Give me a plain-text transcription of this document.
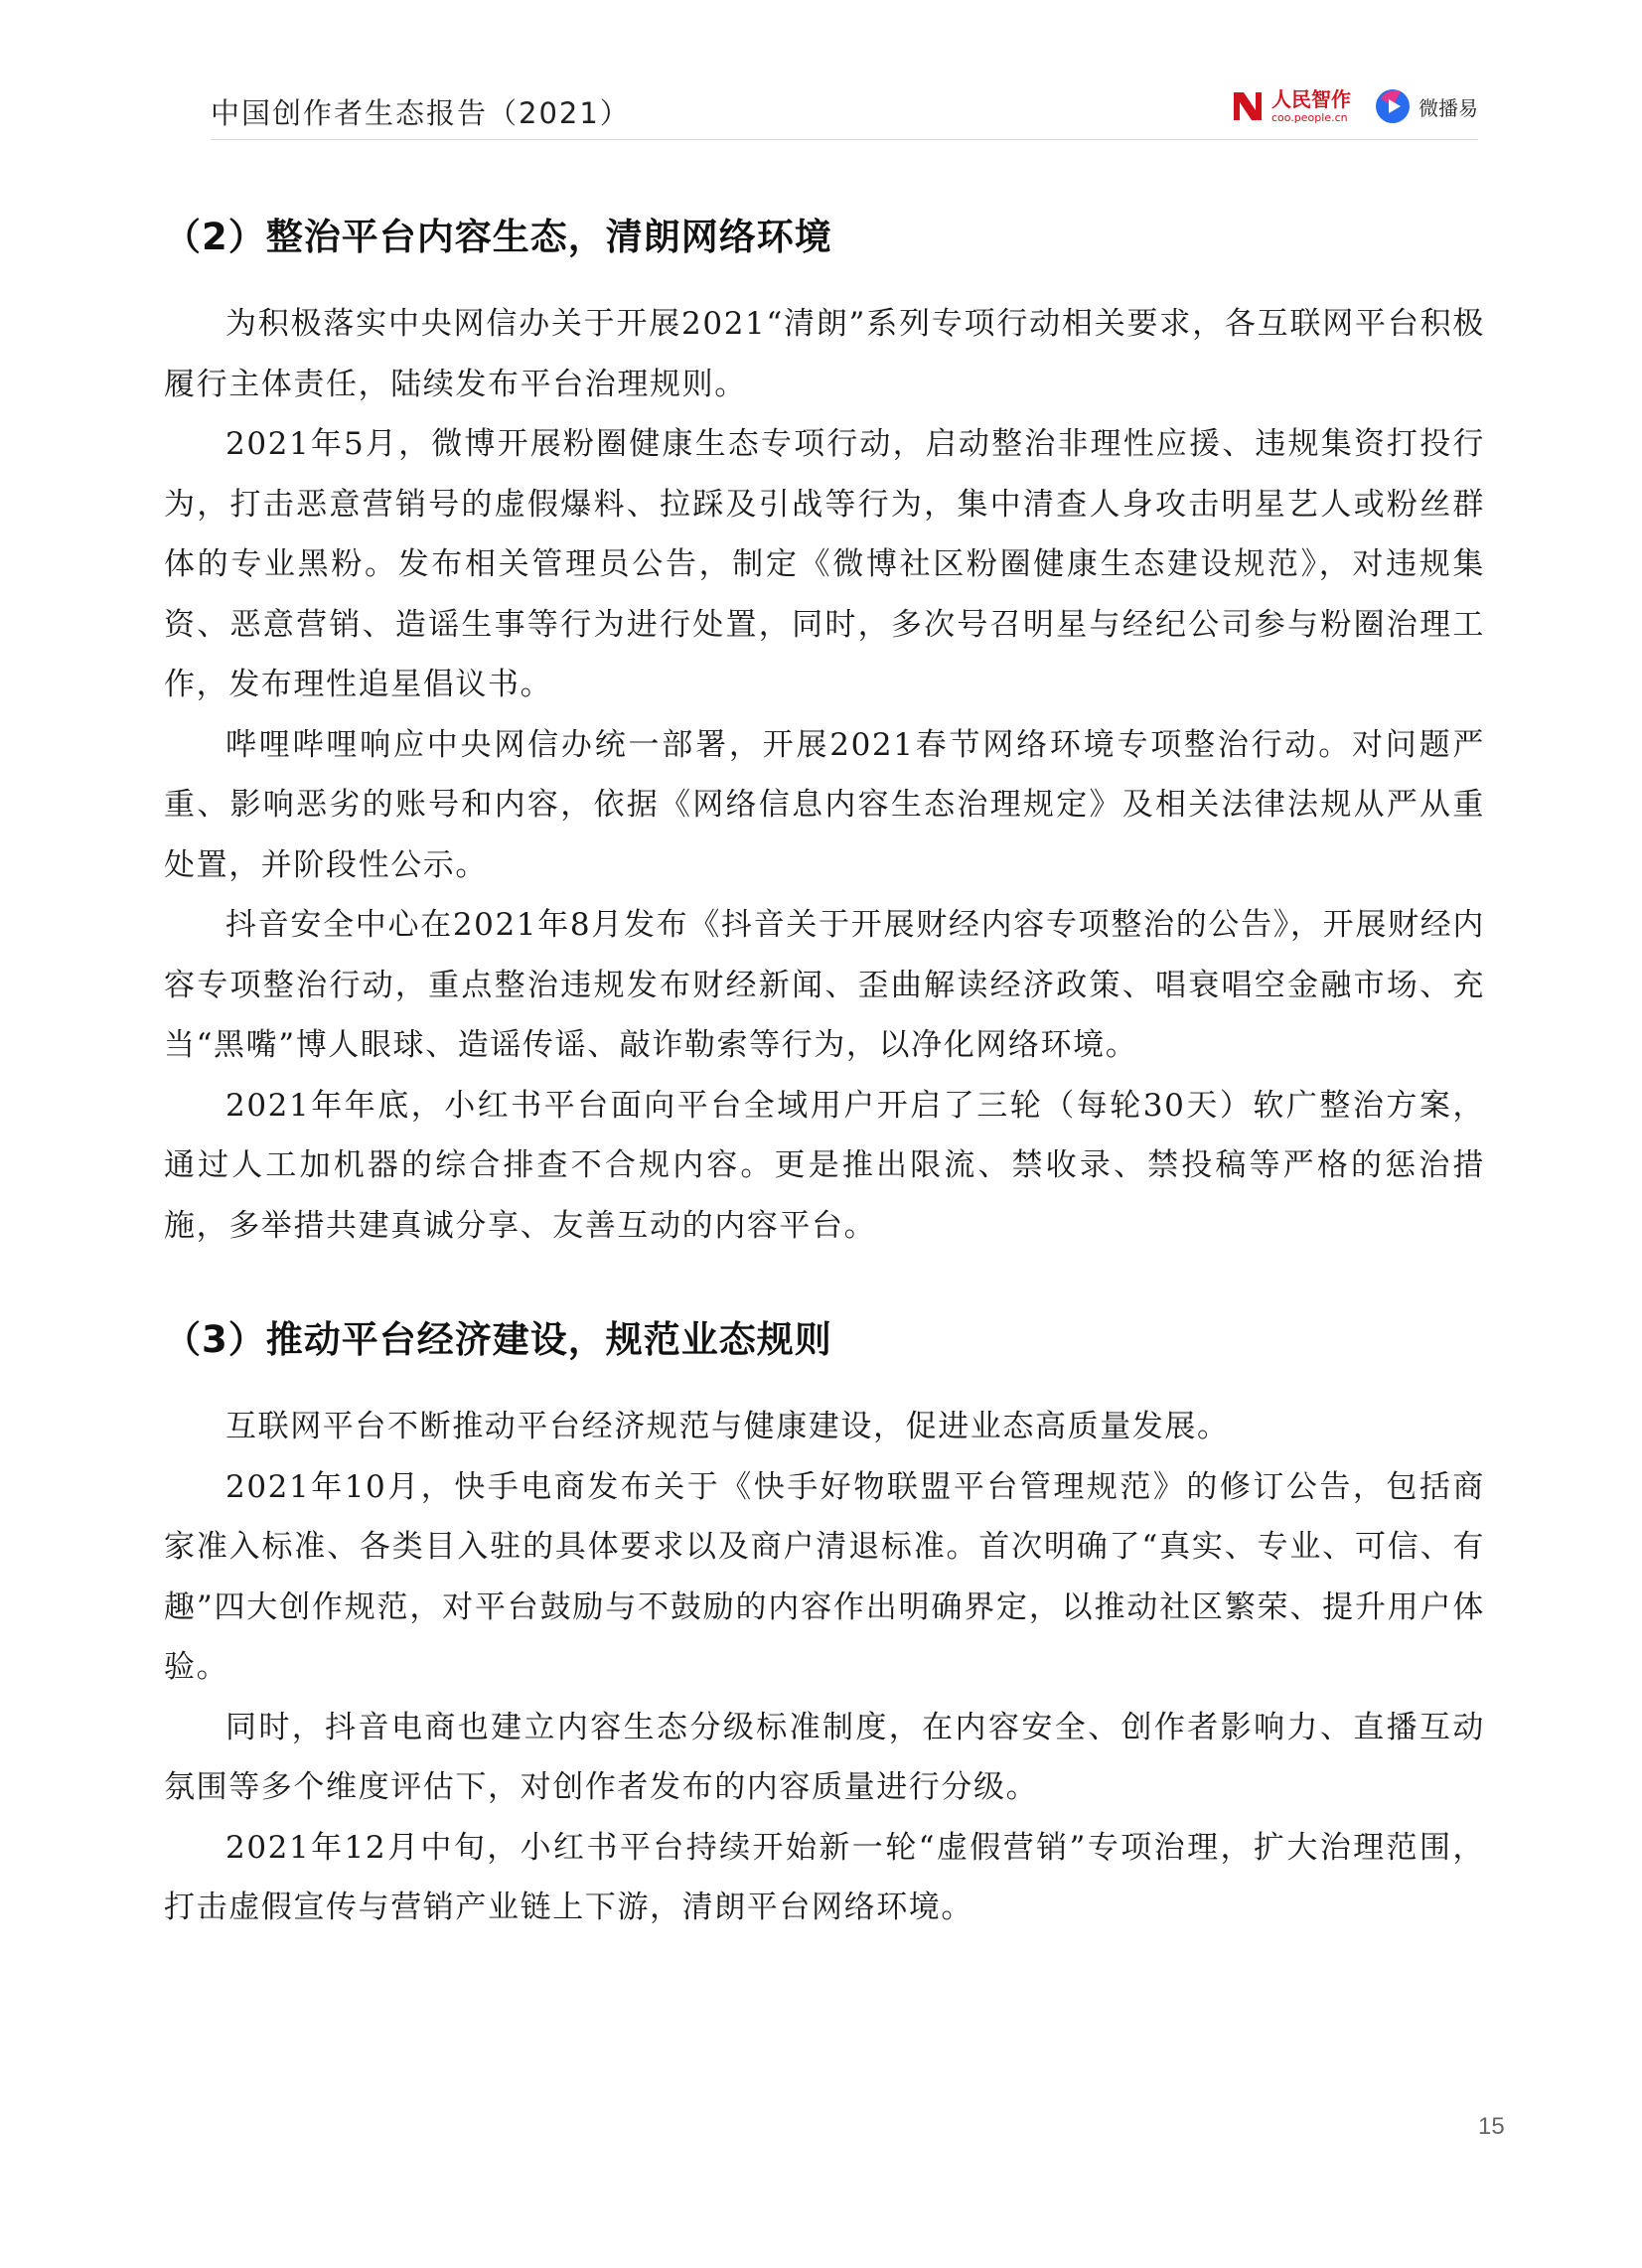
中国创作者生态报告（2021）	人民智作
coo.people.cn	微播易
（2）整治平台内容生态，清朗网络环境

为积极落实中央网信办关于开展2021“清朗”系列专项行动相关要求，各互联网平台积极履行主体责任，陆续发布平台治理规则。

2021年5月，微博开展粉圈健康生态专项行动，启动整治非理性应援、违规集资打投行为，打击恶意营销号的虚假爆料、拉踩及引战等行为，集中清查人身攻击明星艺人或粉丝群体的专业黑粉。发布相关管理员公告，制定《微博社区粉圈健康生态建设规范》，对违规集资、恶意营销、造谣生事等行为进行处置，同时，多次号召明星与经纪公司参与粉圈治理工作，发布理性追星倡议书。

哔哩哔哩响应中央网信办统一部署，开展2021春节网络环境专项整治行动。对问题严重、影响恶劣的账号和内容，依据《网络信息内容生态治理规定》及相关法律法规从严从重处置，并阶段性公示。

抖音安全中心在2021年8月发布《抖音关于开展财经内容专项整治的公告》，开展财经内容专项整治行动，重点整治违规发布财经新闻、歪曲解读经济政策、唱衰唱空金融市场、充当“黑嘴”博人眼球、造谣传谣、敲诈勒索等行为，以净化网络环境。

2021年年底，小红书平台面向平台全域用户开启了三轮（每轮30天）软广整治方案，通过人工加机器的综合排查不合规内容。更是推出限流、禁收录、禁投稿等严格的惩治措施，多举措共建真诚分享、友善互动的内容平台。

（3）推动平台经济建设，规范业态规则

互联网平台不断推动平台经济规范与健康建设，促进业态高质量发展。

2021年10月，快手电商发布关于《快手好物联盟平台管理规范》的修订公告，包括商家准入标准、各类目入驻的具体要求以及商户清退标准。首次明确了“真实、专业、可信、有趣”四大创作规范，对平台鼓励与不鼓励的内容作出明确界定，以推动社区繁荣、提升用户体验。

同时，抖音电商也建立内容生态分级标准制度，在内容安全、创作者影响力、直播互动氛围等多个维度评估下，对创作者发布的内容质量进行分级。

2021年12月中旬，小红书平台持续开始新一轮“虚假营销”专项治理，扩大治理范围，打击虚假宣传与营销产业链上下游，清朗平台网络环境。

15
